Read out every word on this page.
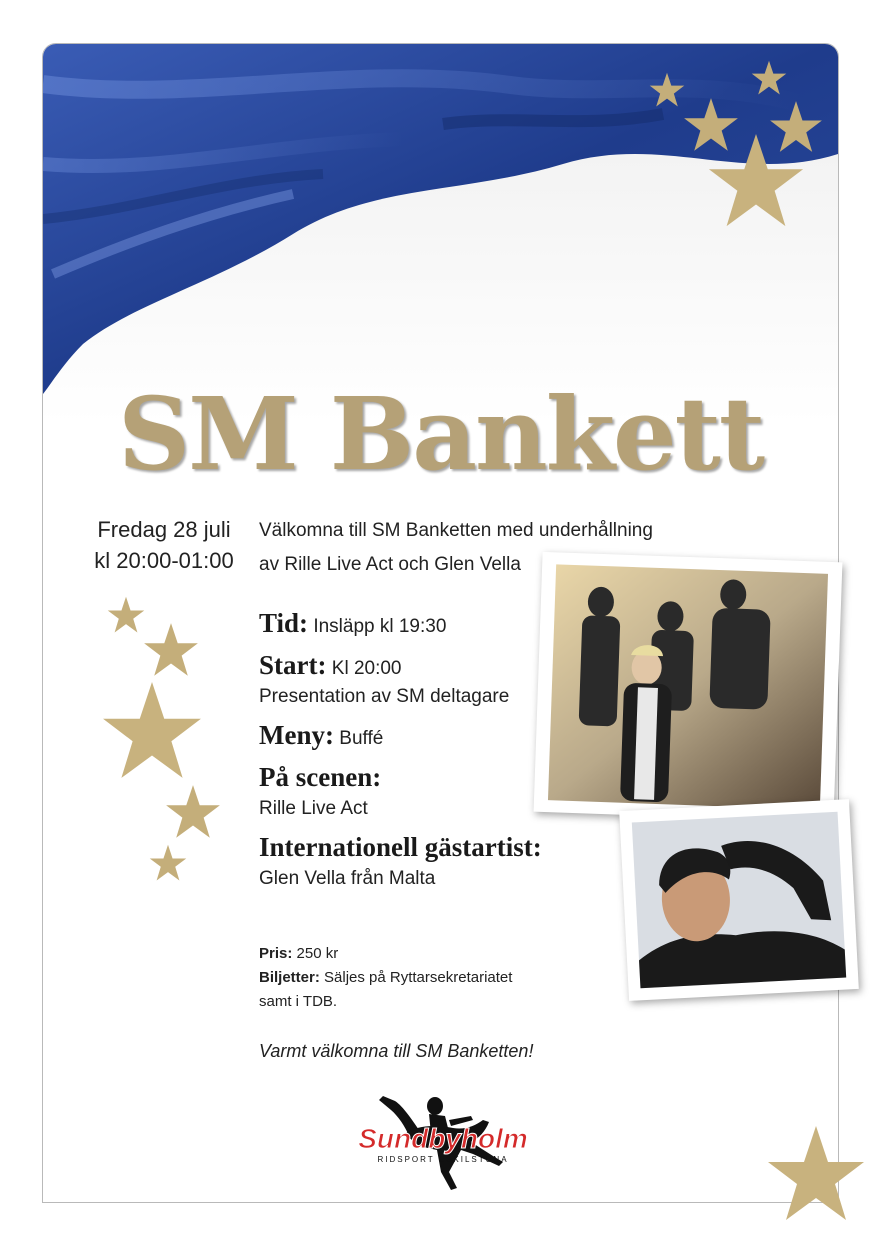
SM Bankett
Fredag 28 juli
kl 20:00-01:00
Välkomna till SM Banketten med underhållning
av Rille Live Act och Glen Vella
Tid: Insläpp kl 19:30
Start: Kl 20:00
Presentation av SM deltagare
Meny: Buffé
På scenen:
Rille Live Act
Internationell gästartist:
Glen Vella från Malta
Pris: 250 kr
Biljetter: Säljes på Ryttarsekretariatet
samt i TDB.
Varmt välkomna till SM Banketten!
Sundbyholm
RIDSPORT ESKILSTUNA
